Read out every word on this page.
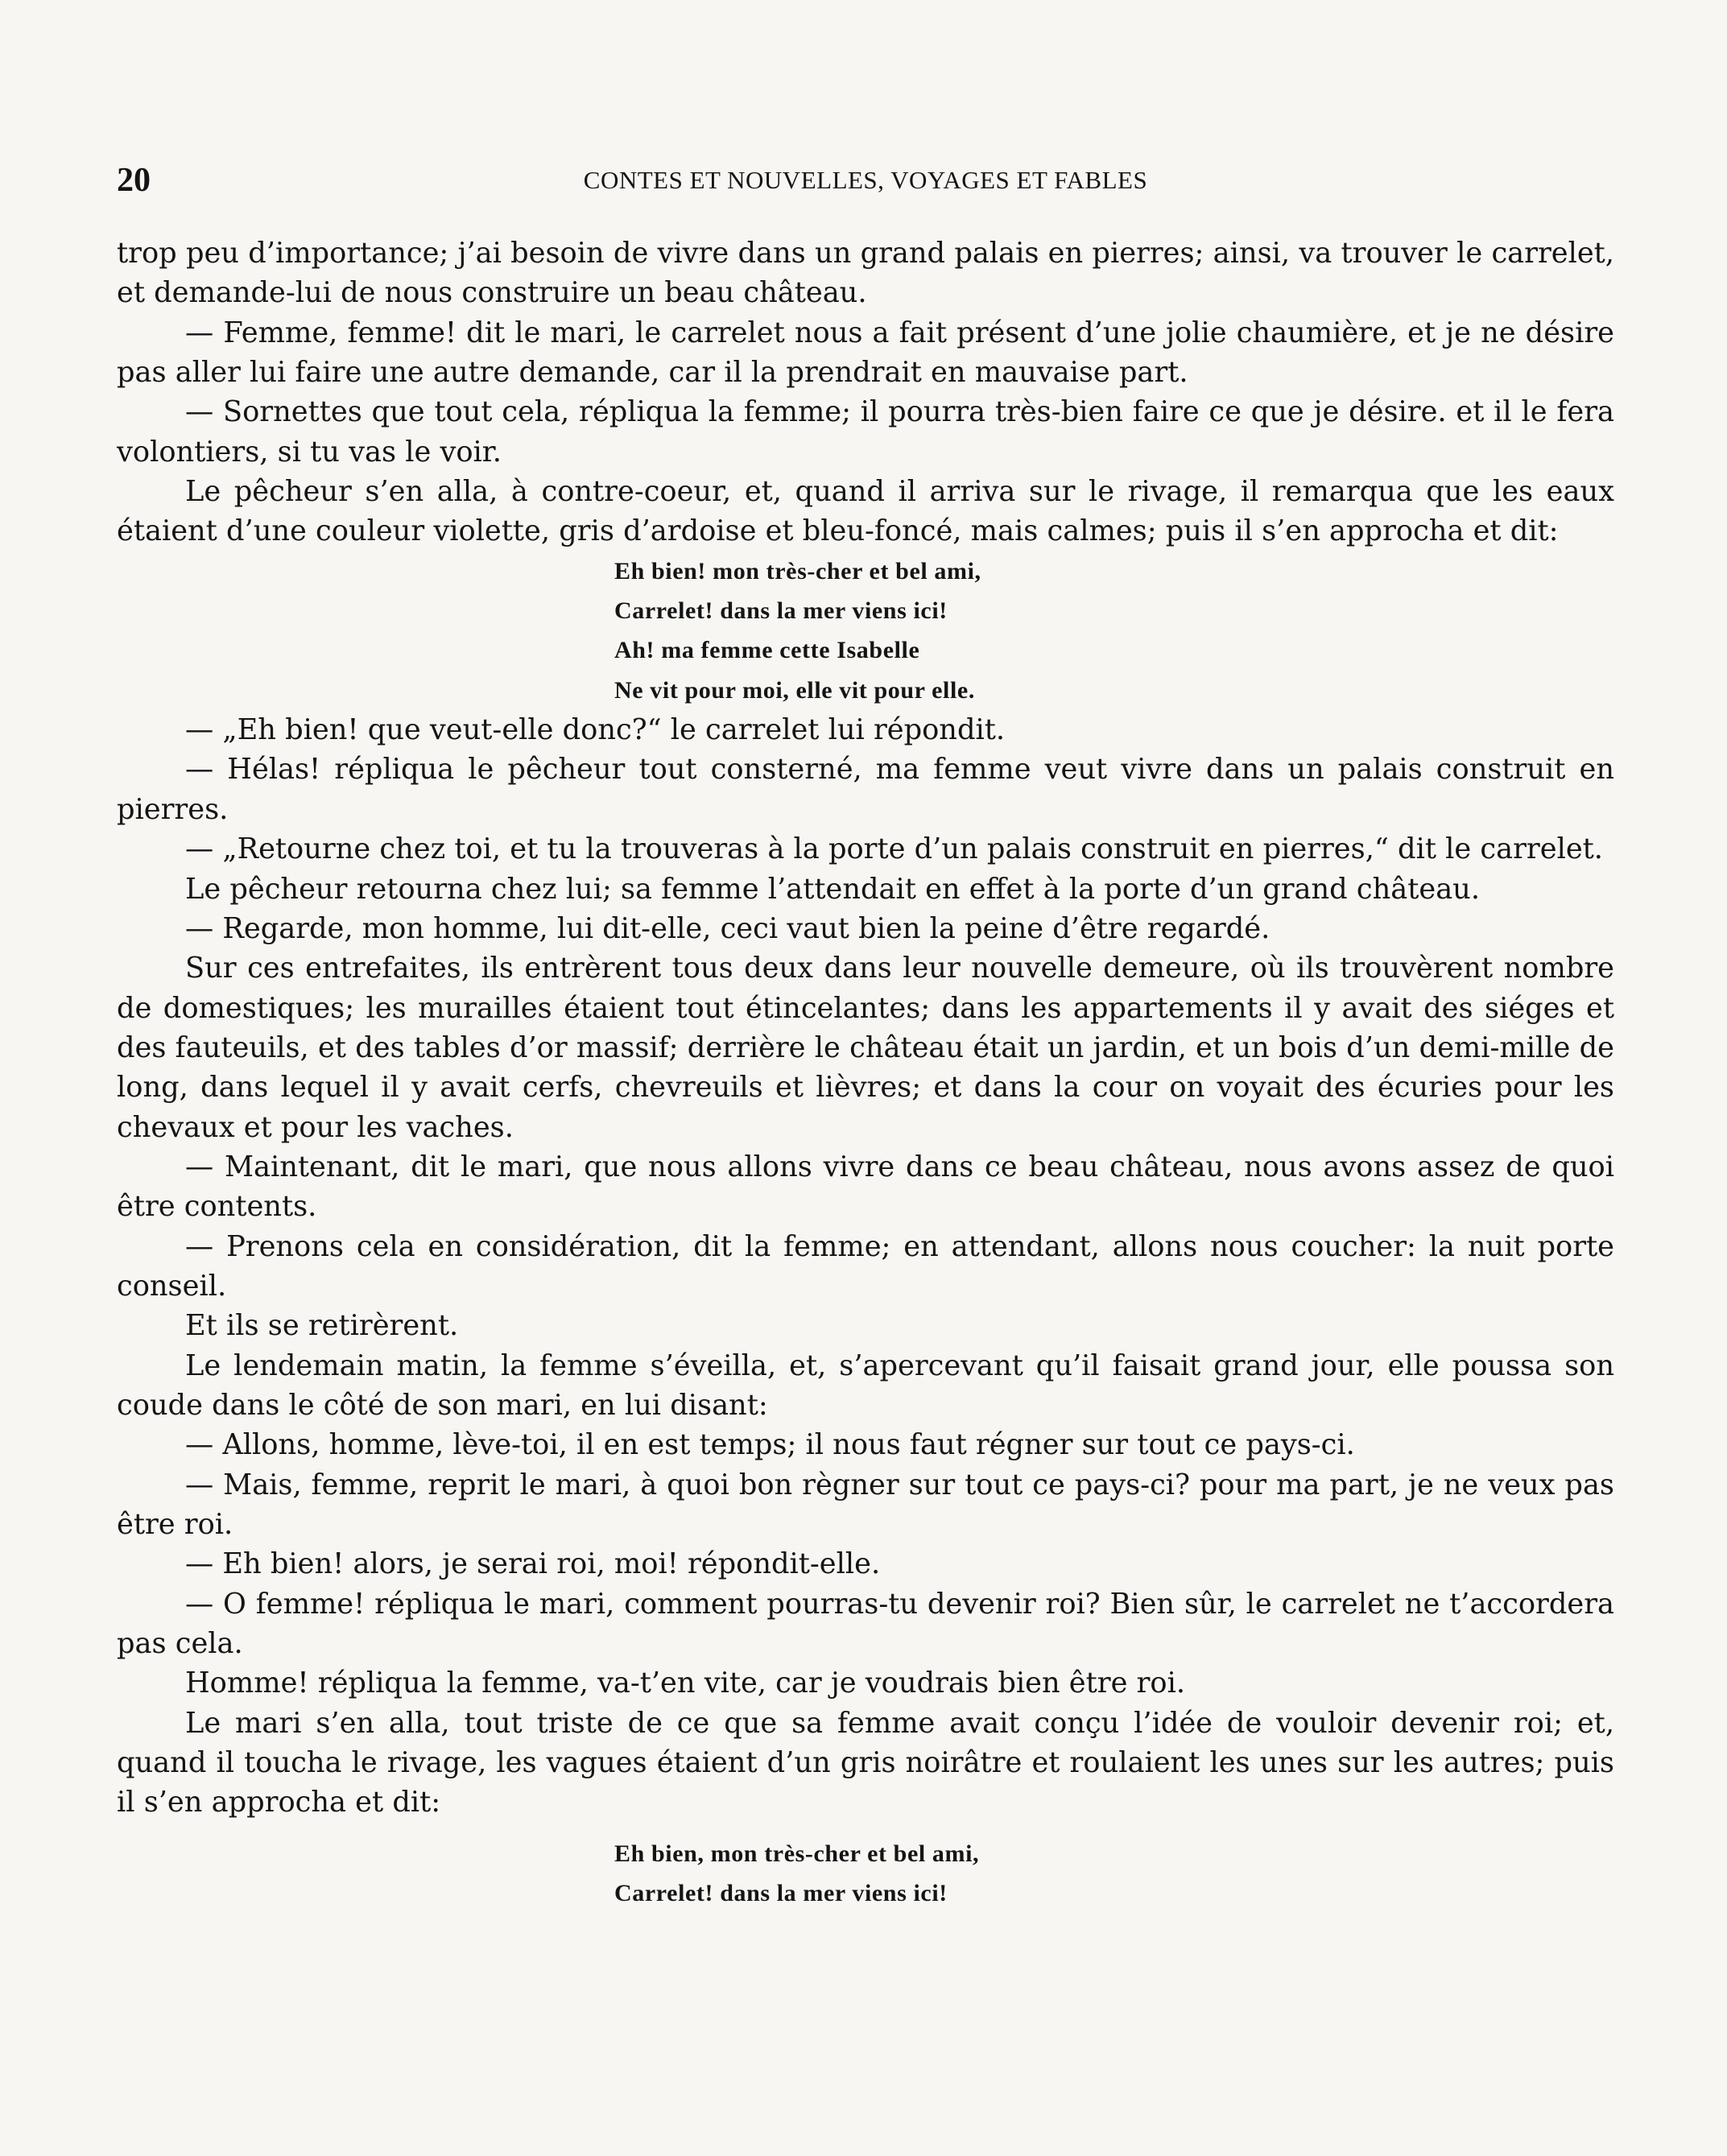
20	CONTES ET NOUVELLES, VOYAGES ET FABLES

trop peu d’importance; j’ai besoin de vivre dans un grand palais en pierres; ainsi, va trouver le carrelet, et demande-lui de nous construire un beau château.

— Femme, femme! dit le mari, le carrelet nous a fait présent d’une jolie chaumière, et je ne désire pas aller lui faire une autre demande, car il la prendrait en mauvaise part.

— Sornettes que tout cela, répliqua la femme; il pourra très-bien faire ce que je désire. et il le fera volontiers, si tu vas le voir.

Le pêcheur s’en alla, à contre-coeur, et, quand il arriva sur le rivage, il remarqua que les eaux étaient d’une couleur violette, gris d’ardoise et bleu-foncé, mais calmes; puis il s’en approcha et dit:

Eh bien! mon très-cher et bel ami,
Carrelet! dans la mer viens ici!
Ah! ma femme cette Isabelle
Ne vit pour moi, elle vit pour elle.

— „Eh bien! que veut-elle donc?“ le carrelet lui répondit.

— Hélas! répliqua le pêcheur tout consterné, ma femme veut vivre dans un palais construit en pierres.

— „Retourne chez toi, et tu la trouveras à la porte d’un palais construit en pierres,“ dit le carrelet.

Le pêcheur retourna chez lui; sa femme l’attendait en effet à la porte d’un grand château.

— Regarde, mon homme, lui dit-elle, ceci vaut bien la peine d’être regardé.

Sur ces entrefaites, ils entrèrent tous deux dans leur nouvelle demeure, où ils trouvèrent nombre de domestiques; les murailles étaient tout étincelantes; dans les appartements il y avait des siéges et des fauteuils, et des tables d’or massif; derrière le château était un jardin, et un bois d’un demi-mille de long, dans lequel il y avait cerfs, chevreuils et lièvres; et dans la cour on voyait des écuries pour les chevaux et pour les vaches.

— Maintenant, dit le mari, que nous allons vivre dans ce beau château, nous avons assez de quoi être contents.

— Prenons cela en considération, dit la femme; en attendant, allons nous coucher: la nuit porte conseil.

Et ils se retirèrent.

Le lendemain matin, la femme s’éveilla, et, s’apercevant qu’il faisait grand jour, elle poussa son coude dans le côté de son mari, en lui disant:

— Allons, homme, lève-toi, il en est temps; il nous faut régner sur tout ce pays-ci.

— Mais, femme, reprit le mari, à quoi bon règner sur tout ce pays-ci? pour ma part, je ne veux pas être roi.

— Eh bien! alors, je serai roi, moi! répondit-elle.

— O femme! répliqua le mari, comment pourras-tu devenir roi? Bien sûr, le carrelet ne t’accordera pas cela.

Homme! répliqua la femme, va-t’en vite, car je voudrais bien être roi.

Le mari s’en alla, tout triste de ce que sa femme avait conçu l’idée de vouloir devenir roi; et, quand il toucha le rivage, les vagues étaient d’un gris noirâtre et roulaient les unes sur les autres; puis il s’en approcha et dit:

Eh bien, mon très-cher et bel ami,
Carrelet! dans la mer viens ici!
